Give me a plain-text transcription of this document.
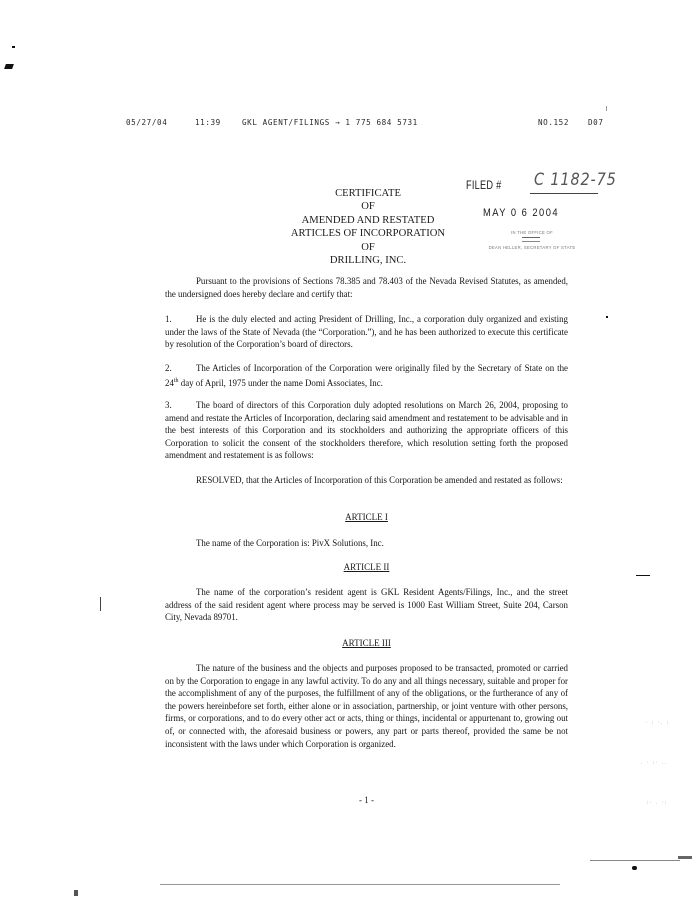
· : ·. :
. · :· ..
:· . ·:
05/27/04	11:39	GKL AGENT/FILINGS → 1 775 684 5731	NO.152 D07
CERTIFICATE
OF
AMENDED AND RESTATED
ARTICLES OF INCORPORATION
OF
DRILLING, INC.
FILED # C 1182-75
MAY 0 6 2004
IN THE OFFICE OF
DEAN HELLER, SECRETARY OF STATE
Pursuant to the provisions of Sections 78.385 and 78.403 of the Nevada Revised Statutes, as amended, the undersigned does hereby declare and certify that:
1.	He is the duly elected and acting President of Drilling, Inc., a corporation duly organized and existing under the laws of the State of Nevada (the “Corporation.”), and he has been authorized to execute this certificate by resolution of the Corporation’s board of directors.
2.	The Articles of Incorporation of the Corporation were originally filed by the Secretary of State on the 24th day of April, 1975 under the name Domi Associates, Inc.
3.	The board of directors of this Corporation duly adopted resolutions on March 26, 2004, proposing to amend and restate the Articles of Incorporation, declaring said amendment and restatement to be advisable and in the best interests of this Corporation and its stockholders and authorizing the appropriate officers of this Corporation to solicit the consent of the stockholders therefore, which resolution setting forth the proposed amendment and restatement is as follows:
RESOLVED, that the Articles of Incorporation of this Corporation be amended and restated as follows:
ARTICLE I
The name of the Corporation is: PivX Solutions, Inc.
ARTICLE II
The name of the corporation’s resident agent is GKL Resident Agents/Filings, Inc., and the street address of the said resident agent where process may be served is 1000 East William Street, Suite 204, Carson City, Nevada 89701.
ARTICLE III
The nature of the business and the objects and purposes proposed to be transacted, promoted or carried on by the Corporation to engage in any lawful activity. To do any and all things necessary, suitable and proper for the accomplishment of any of the purposes, the fulfillment of any of the obligations, or the furtherance of any of the powers hereinbefore set forth, either alone or in association, partnership, or joint venture with other persons, firms, or corporations, and to do every other act or acts, thing or things, incidental or appurtenant to, growing out of, or connected with, the aforesaid business or powers, any part or parts thereof, provided the same be not inconsistent with the laws under which Corporation is organized.
- 1 -
